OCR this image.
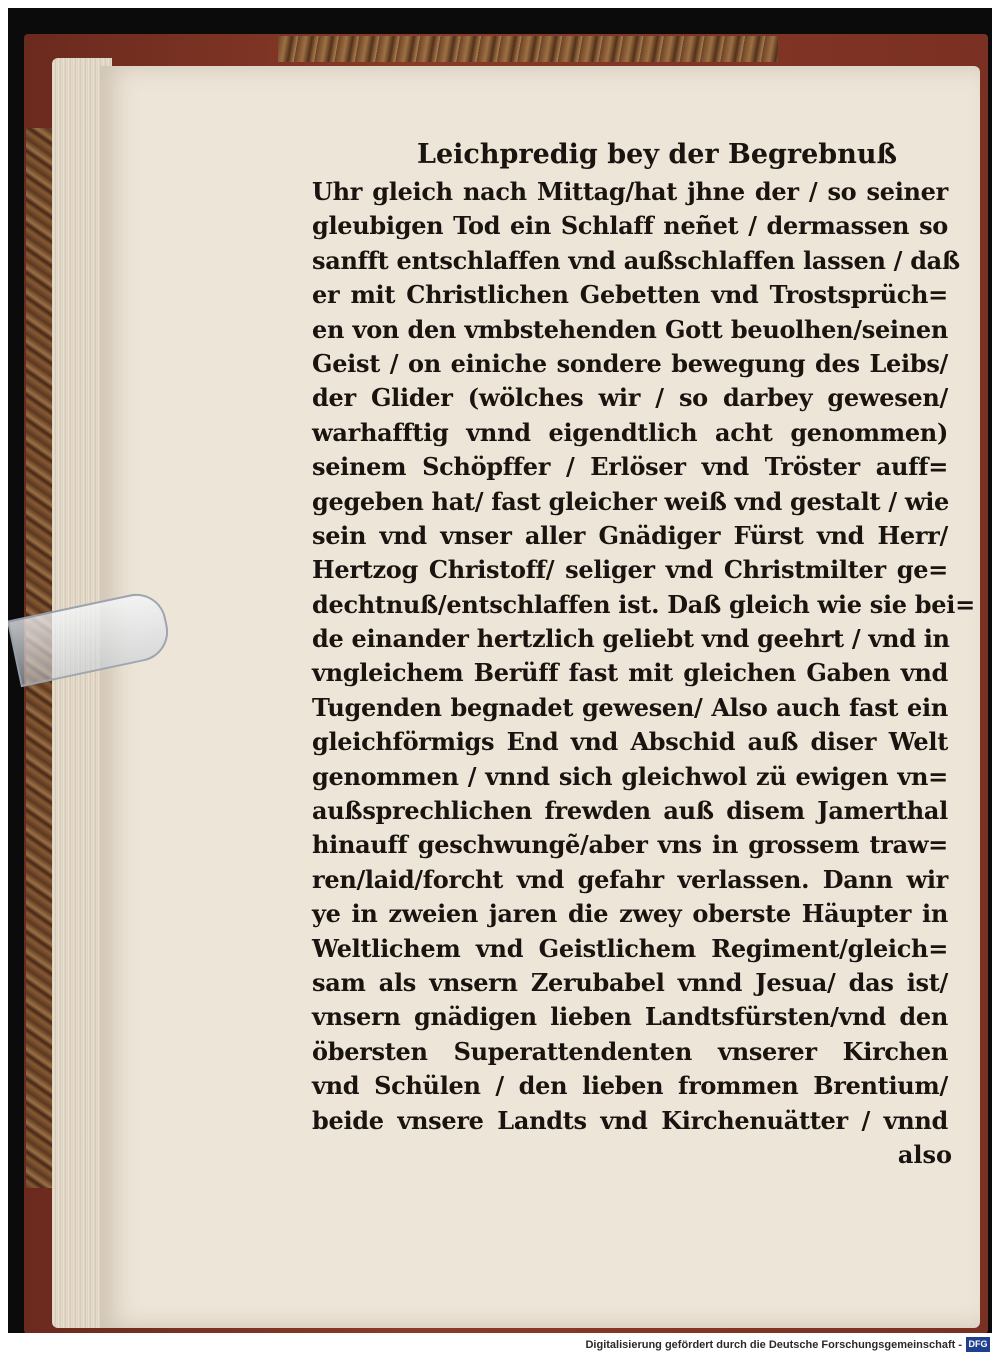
Leichpredig bey der Begrebnuß
Uhr gleich nach Mittag/hat jhne der / so seiner
gleubigen Tod ein Schlaff neñet / dermassen so
sanfft entschlaffen vnd außschlaffen lassen / daß
er mit Christlichen Gebetten vnd Trostsprüch=
en von den vmbstehenden Gott beuolhen/seinen
Geist / on einiche sondere bewegung des Leibs/
der Glider (wölches wir / so darbey gewesen/
warhafftig vnnd eigendtlich acht genommen)
seinem Schöpffer / Erlöser vnd Tröster auff=
gegeben hat/ fast gleicher weiß vnd gestalt / wie
sein vnd vnser aller Gnädiger Fürst vnd Herr/
Hertzog Christoff/ seliger vnd Christmilter ge=
dechtnuß/entschlaffen ist. Daß gleich wie sie bei=
de einander hertzlich geliebt vnd geehrt / vnd in
vngleichem Berüff fast mit gleichen Gaben vnd
Tugenden begnadet gewesen/ Also auch fast ein
gleichförmigs End vnd Abschid auß diser Welt
genommen / vnnd sich gleichwol zü ewigen vn=
außsprechlichen frewden auß disem Jamerthal
hinauff geschwungẽ/aber vns in grossem traw=
ren/laid/forcht vnd gefahr verlassen. Dann wir
ye in zweien jaren die zwey oberste Häupter in
Weltlichem vnd Geistlichem Regiment/gleich=
sam als vnsern Zerubabel vnnd Jesua/ das ist/
vnsern gnädigen lieben Landtsfürsten/vnd den
öbersten Superattendenten vnserer Kirchen
vnd Schülen / den lieben frommen Brentium/
beide vnsere Landts vnd Kirchenuätter / vnnd
also
Digitalisierung gefördert durch die Deutsche Forschungsgemeinschaft - DFG
